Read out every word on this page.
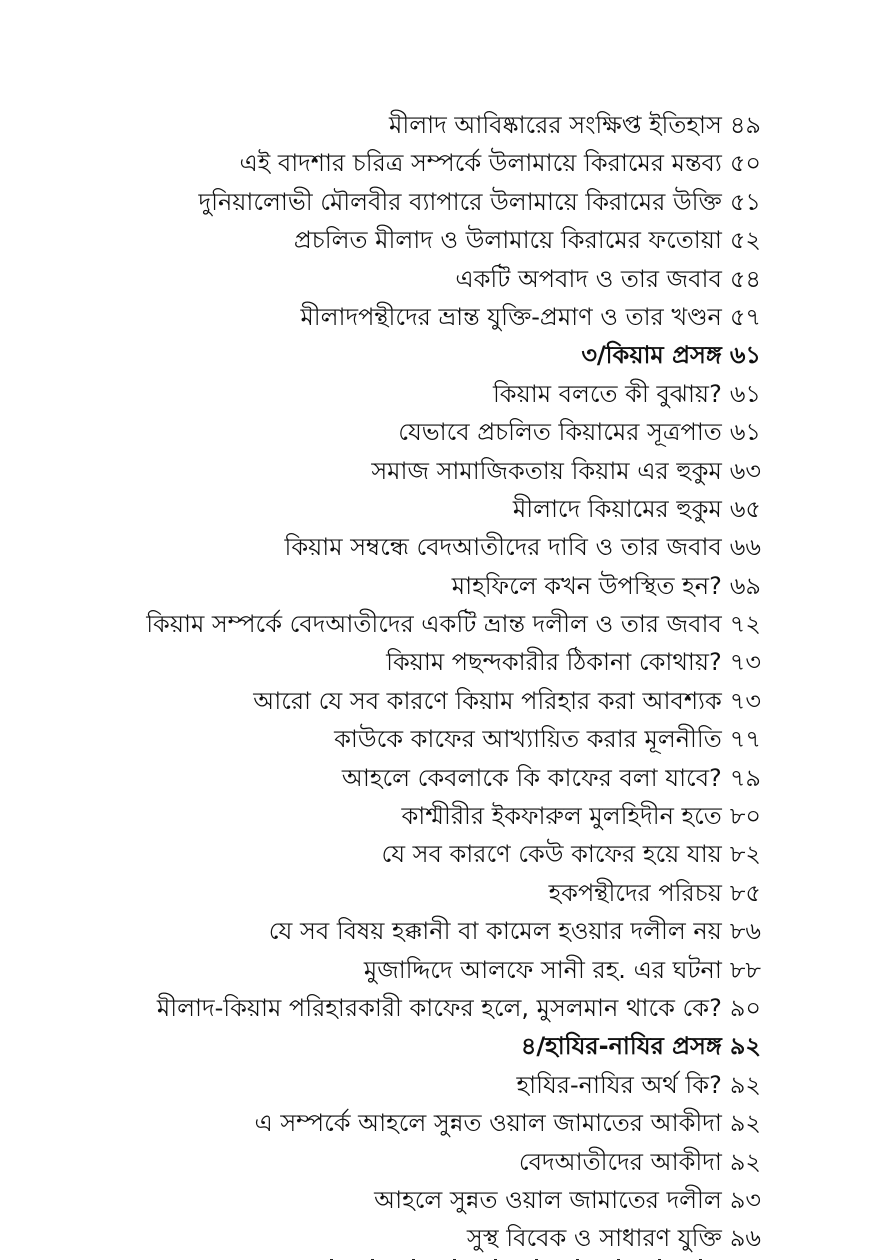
মীলাদ আবিষ্কারের সংক্ষিপ্ত ইতিহাস ৪৯
এই বাদশার চরিত্র সম্পর্কে উলামায়ে কিরামের মন্তব্য ৫০
দুনিয়ালোভী মৌলবীর ব্যাপারে উলামায়ে কিরামের উক্তি ৫১
প্রচলিত মীলাদ ও উলামায়ে কিরামের ফতোয়া ৫২
একটি অপবাদ ও তার জবাব ৫৪
মীলাদপন্থীদের ভ্রান্ত যুক্তি-প্রমাণ ও তার খণ্ডন ৫৭
৩/কিয়াম প্রসঙ্গ ৬১
কিয়াম বলতে কী বুঝায়? ৬১
যেভাবে প্রচলিত কিয়ামের সূত্রপাত ৬১
সমাজ সামাজিকতায় কিয়াম এর হুকুম ৬৩
মীলাদে কিয়ামের হুকুম ৬৫
কিয়াম সম্বন্ধে বেদআতীদের দাবি ও তার জবাব ৬৬
মাহফিলে কখন উপস্থিত হন? ৬৯
কিয়াম সম্পর্কে বেদআতীদের একটি ভ্রান্ত দলীল ও তার জবাব ৭২
কিয়াম পছন্দকারীর ঠিকানা কোথায়? ৭৩
আরো যে সব কারণে কিয়াম পরিহার করা আবশ্যক ৭৩
কাউকে কাফের আখ্যায়িত করার মূলনীতি ৭৭
আহলে কেবলাকে কি কাফের বলা যাবে? ৭৯
কাশ্মীরীর ইকফারুল মুলহিদীন হতে ৮০
যে সব কারণে কেউ কাফের হয়ে যায় ৮২
হকপন্থীদের পরিচয় ৮৫
যে সব বিষয় হক্কানী বা কামেল হওয়ার দলীল নয় ৮৬
মুজাদ্দিদে আলফে সানী রহ. এর ঘটনা ৮৮
মীলাদ-কিয়াম পরিহারকারী কাফের হলে, মুসলমান থাকে কে? ৯০
৪/হাযির-নাযির প্রসঙ্গ ৯২
হাযির-নাযির অর্থ কি? ৯২
এ সম্পর্কে আহলে সুন্নত ওয়াল জামাতের আকীদা ৯২
বেদআতীদের আকীদা ৯২
আহলে সুন্নত ওয়াল জামাতের দলীল ৯৩
সুস্থ বিবেক ও সাধারণ যুক্তি ৯৬
